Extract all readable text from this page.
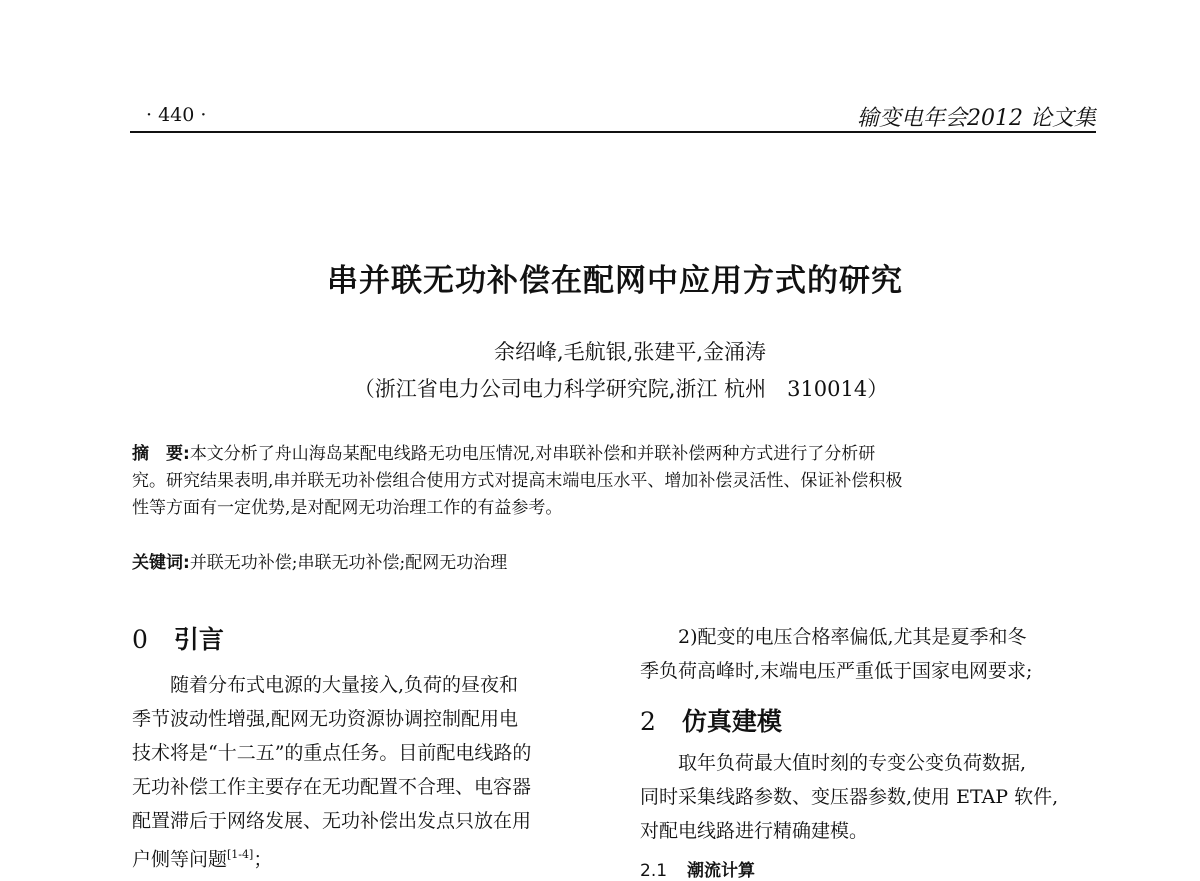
· 440 ·	输变电年会2012 论文集
串并联无功补偿在配网中应用方式的研究
余绍峰,毛航银,张建平,金涌涛
（浙江省电力公司电力科学研究院,浙江 杭州　310014）
摘　要:本文分析了舟山海岛某配电线路无功电压情况,对串联补偿和并联补偿两种方式进行了分析研
究。研究结果表明,串并联无功补偿组合使用方式对提高末端电压水平、增加补偿灵活性、保证补偿积极
性等方面有一定优势,是对配网无功治理工作的有益参考。
关键词:并联无功补偿;串联无功补偿;配网无功治理
0 引言
随着分布式电源的大量接入,负荷的昼夜和
季节波动性增强,配网无功资源协调控制配用电
技术将是“十二五”的重点任务。目前配电线路的
无功补偿工作主要存在无功配置不合理、电容器
配置滞后于网络发展、无功补偿出发点只放在用
户侧等问题[1-4]；
2)配变的电压合格率偏低,尤其是夏季和冬
季负荷高峰时,末端电压严重低于国家电网要求;
2 仿真建模
取年负荷最大值时刻的专变公变负荷数据,
同时采集线路参数、变压器参数,使用 ETAP 软件,
对配电线路进行精确建模。
2.1 潮流计算
